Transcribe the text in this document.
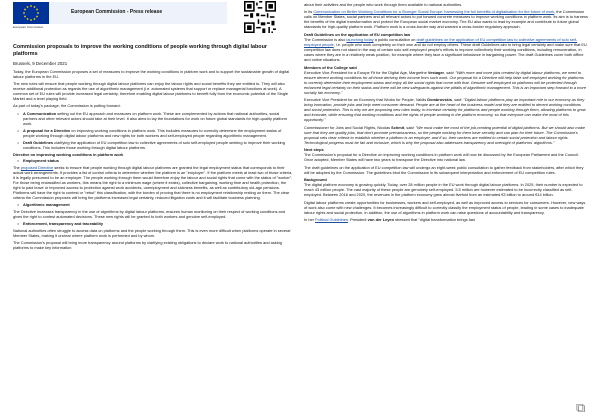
European Commission
European Commission - Press release
Commission proposals to improve the working conditions of people working through digital labour platforms
Brussels, 9 December 2021

Today, the European Commission proposes a set of measures to improve the working conditions in platform work and to support the sustainable growth of digital labour platforms in the EU.

The new rules will ensure that people working through digital labour platforms can enjoy the labour rights and social benefits they are entitled to. They will also receive additional protection as regards the use of algorithmic management (i.e. automated systems that support or replace managerial functions at work). A common set of EU rules will provide increased legal certainty, therefore enabling digital labour platforms to benefit fully from the economic potential of the Single Market and a level playing field.

As part of today's package, the Commission is putting forward:

•	A Communication setting out the EU approach and measures on platform work. These are complemented by actions that national authorities, social partners and other relevant actors should take at their level. It also aims to lay the foundations for work on future global standards for high-quality platform work.
•	A proposal for a Directive on improving working conditions in platform work. This includes measures to correctly determine the employment status of people working through digital labour platforms and new rights for both workers and self-employed people regarding algorithmic management.
•	Draft Guidelines clarifying the application of EU competition law to collective agreements of solo self-employed people seeking to improve their working conditions. This includes those working through digital labour platforms.
Directive on improving working conditions in platform work
•	Employment status

The proposed Directive seeks to ensure that people working through digital labour platforms are granted the legal employment status that corresponds to their actual work arrangements. It provides a list of control criteria to determine whether the platform is an "employer". If the platform meets at least two of those criteria, it is legally presumed to be an employer. The people working through them would therefore enjoy the labour and social rights that come with the status of "worker". For those being reclassified as workers, this means the right to a minimum wage (where it exists), collective bargaining, working time and health protection, the right to paid leave or improved access to protection against work accidents, unemployment and sickness benefits, as well as contributory old-age pensions. Platforms will have the right to contest or "rebut" this classification, with the burden of proving that there is no employment relationship resting on them. The clear criteria the Commission proposes will bring the platforms increased legal certainty, reduced litigation costs and it will facilitate business planning.

•	Algorithmic management

The Directive increases transparency in the use of algorithms by digital labour platforms, ensures human monitoring on their respect of working conditions and gives the right to contest automated decisions. These new rights will be granted to both workers and genuine self-employed.

•	Enforcement, transparency and traceability

National authorities often struggle to access data on platforms and the people working through them. This is even more difficult when platforms operate in several Member States, making it unclear where platform work is performed and by whom.

The Commission's proposal will bring more transparency around platforms by clarifying existing obligations to declare work to national authorities and asking platforms to make key information

about their activities and the people who work through them available to national authorities.

In its Communication on Better Working Conditions for a Stronger Social Europe: harnessing the full benefits of digitalisation for the future of work, the Commission calls on Member States, social partners and all relevant actors to put forward concrete measures to improve working conditions in platform work. Its aim is to harness the benefits of the digital transformation and protect the European social market economy. The EU also wants to lead by example and contribute to future global standards for high-quality platform work. Platform work is a cross-border way and warrant a cross-border regulatory approach.

Draft Guidelines on the application of EU competition law

The Commission is also launching today a public consultation on draft guidelines on the application of EU competition law to collective agreements of solo self-employed people, i.e. people who work completely on their own and do not employ others. These draft Guidelines aim to bring legal certainty and make sure that EU competition law does not stand in the way of certain solo self-employed people's efforts to improve collectively their working conditions, including remuneration, in cases where they are in a relatively weak position, for example where they face a significant imbalance in bargaining power. The draft Guidelines cover both offline and online situations.

Members of the College said

Executive Vice-President for a Europe Fit for the Digital Age, Margrethe Vestager, said: "With more and more jobs created by digital labour platforms, we need to ensure decent working conditions for all those deriving their income from such work. Our proposal for a Directive will help false self-employed working for platforms to correctly determine their employment status and enjoy all the social rights that come with that. Genuine self-employed on platforms will be protected through enhanced legal certainty on their status and there will be new safeguards against the pitfalls of algorithmic management. This is an important step forward to a more socially fair economy."

Executive Vice President for an Economy that Works for People, Valdis Dombrovskis, said: "Digital labour platforms play an important role in our economy as they bring innovation, provide jobs and help meet consumer demand. People are at the heart of the business model and they are entitled to decent working conditions and social protection. This is why we are proposing new rules today, to increase certainty for platforms and people working through them, allowing platforms to grow and innovate, while ensuring that working conditions and the rights of people working in the platform economy, so that everyone can make the most of this opportunity."

Commissioner for Jobs and Social Rights, Nicolas Schmit, said: "We must make the most of the job-creating potential of digital platforms. But we should also make sure that they are quality jobs, that don't promote precariousness, so the people working for them have security and can plan for their future. The Commission's proposal sets clear criteria to establish whether a platform is an employer, and if so, their workers are entitled to certain social protection and labour rights. Technological progress must be fair and inclusive, which is why the proposal also addresses transparency and oversight of platforms' algorithms."

Next steps

The Commission's proposal for a Directive on improving working conditions in platform work will now be discussed by the European Parliament and the Council. Once adopted, Member States will have two years to transpose the Directive into national law.

The draft guidelines on the application of EU competition law will undergo an eight-week public consultation to gather feedback from stakeholders, after which they will be adopted by the Commission. The guidelines bind the Commission in its subsequent interpretation and enforcement of EU competition rules.

Background

The digital platform economy is growing quickly. Today, over 28 million people in the EU work through digital labour platforms. In 2025, their number is expected to reach 43 million people. The vast majority of these people are genuinely self-employed. 5.5 million are however estimated to be incorrectly classified as self-employed. Between 2016 and 2020, the revenues in the platform economy grew almost fivefold from an estimated €3 billion to around €14 billion.

Digital labour platforms create opportunities for businesses, workers and self-employed, as well as improved access to services for consumers. However, new ways of work also come with new challenges. It becomes increasingly difficult to correctly classify the employment status of people, leading in some cases to inadequate labour rights and social protection. In addition, the use of algorithms in platform work can raise questions of accountability and transparency.

In her Political Guidelines, President von der Leyen stressed that "digital transformation brings fast

⧉
